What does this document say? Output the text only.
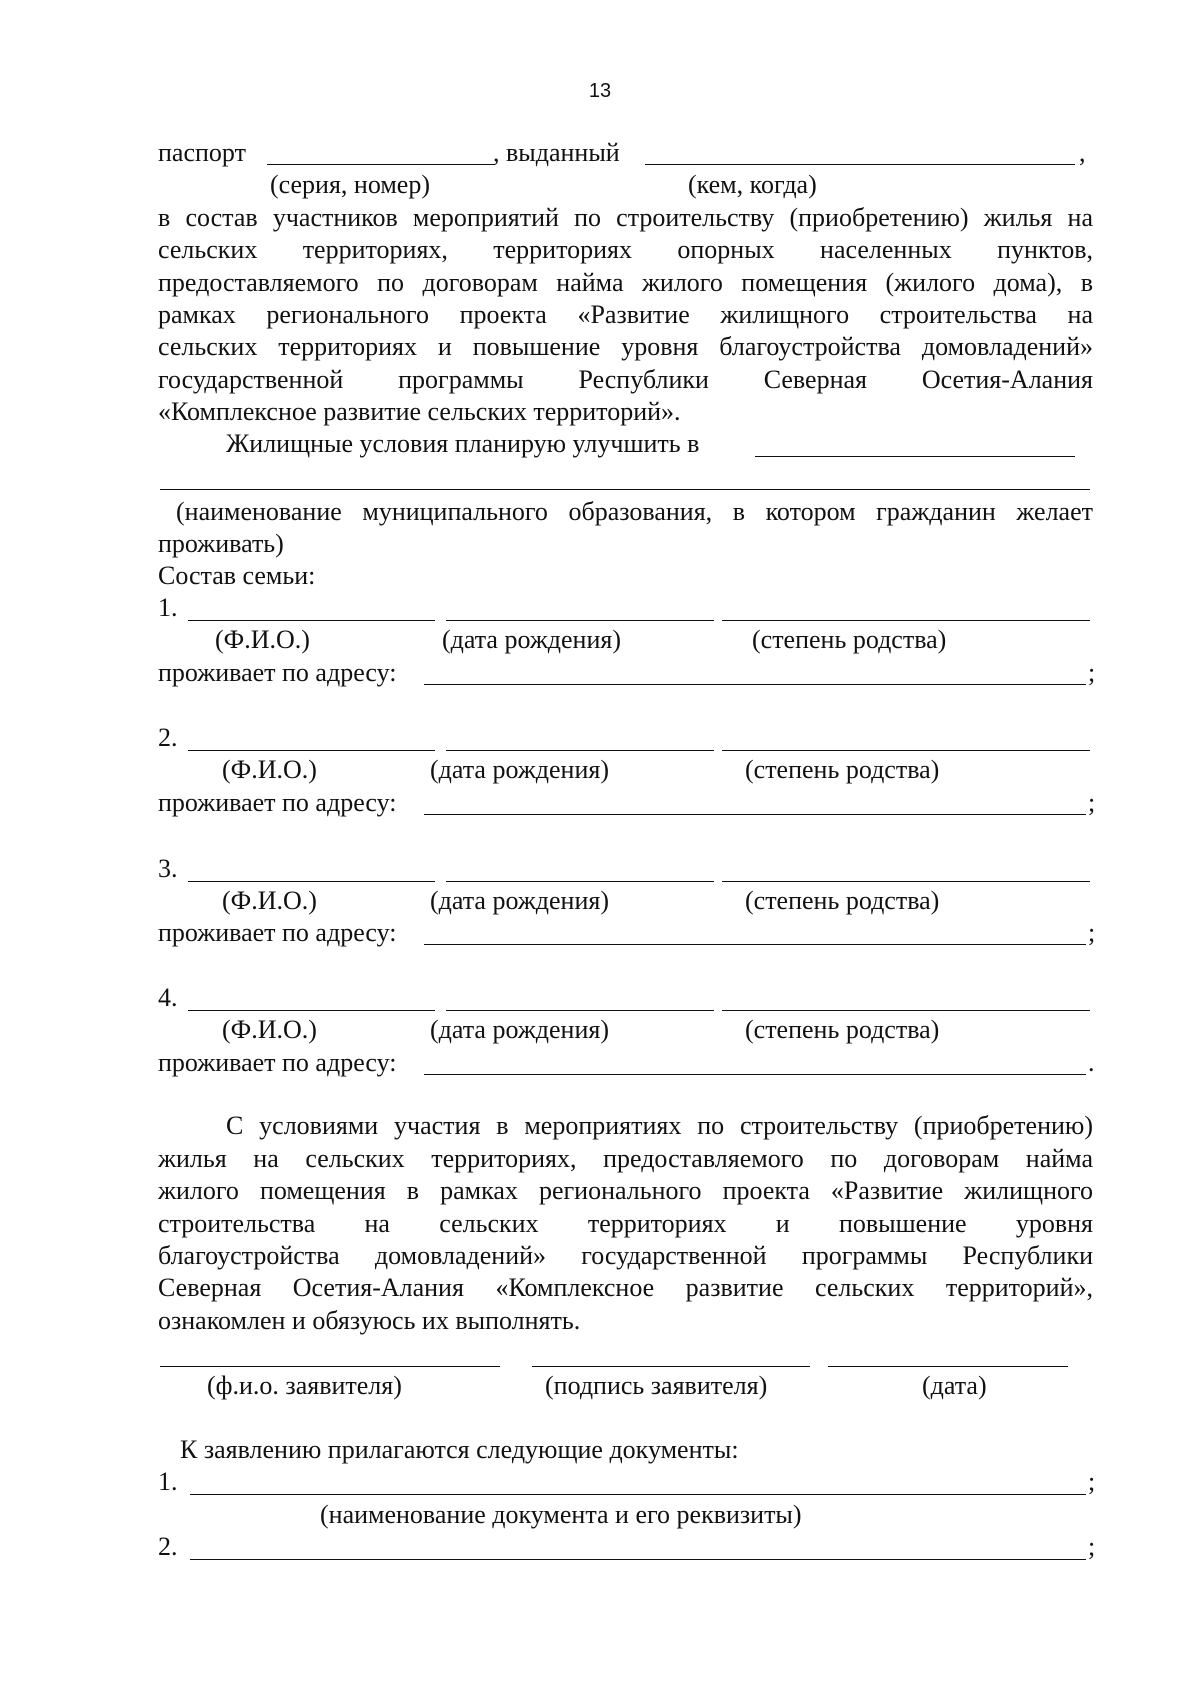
13
паспорт	, выданный	,
(серия, номер)	(кем, когда)
в состав участников мероприятий по строительству (приобретению) жилья на
сельских территориях, территориях опорных населенных пунктов,
предоставляемого по договорам найма жилого помещения (жилого дома), в
рамках регионального проекта «Развитие жилищного строительства на
сельских территориях и повышение уровня благоустройства домовладений»
государственной программы Республики Северная Осетия-Алания
«Комплексное развитие сельских территорий».
Жилищные условия планирую улучшить в
(наименование муниципального образования, в котором гражданин желает
проживать)
Состав семьи:
1.
(Ф.И.О.)	(дата рождения)	(степень родства)
проживает по адресу:	;
2.
(Ф.И.О.)	(дата рождения)	(степень родства)
проживает по адресу:	;
3.
(Ф.И.О.)	(дата рождения)	(степень родства)
проживает по адресу:	;
4.
(Ф.И.О.)	(дата рождения)	(степень родства)
проживает по адресу:	.
С условиями участия в мероприятиях по строительству (приобретению)
жилья на сельских территориях, предоставляемого по договорам найма
жилого помещения в рамках регионального проекта «Развитие жилищного
строительства на сельских территориях и повышение уровня
благоустройства домовладений» государственной программы Республики
Северная Осетия-Алания «Комплексное развитие сельских территорий»,
ознакомлен и обязуюсь их выполнять.
(ф.и.о. заявителя)	(подпись заявителя)	(дата)
К заявлению прилагаются следующие документы:
1.	;
(наименование документа и его реквизиты)
2.	;
